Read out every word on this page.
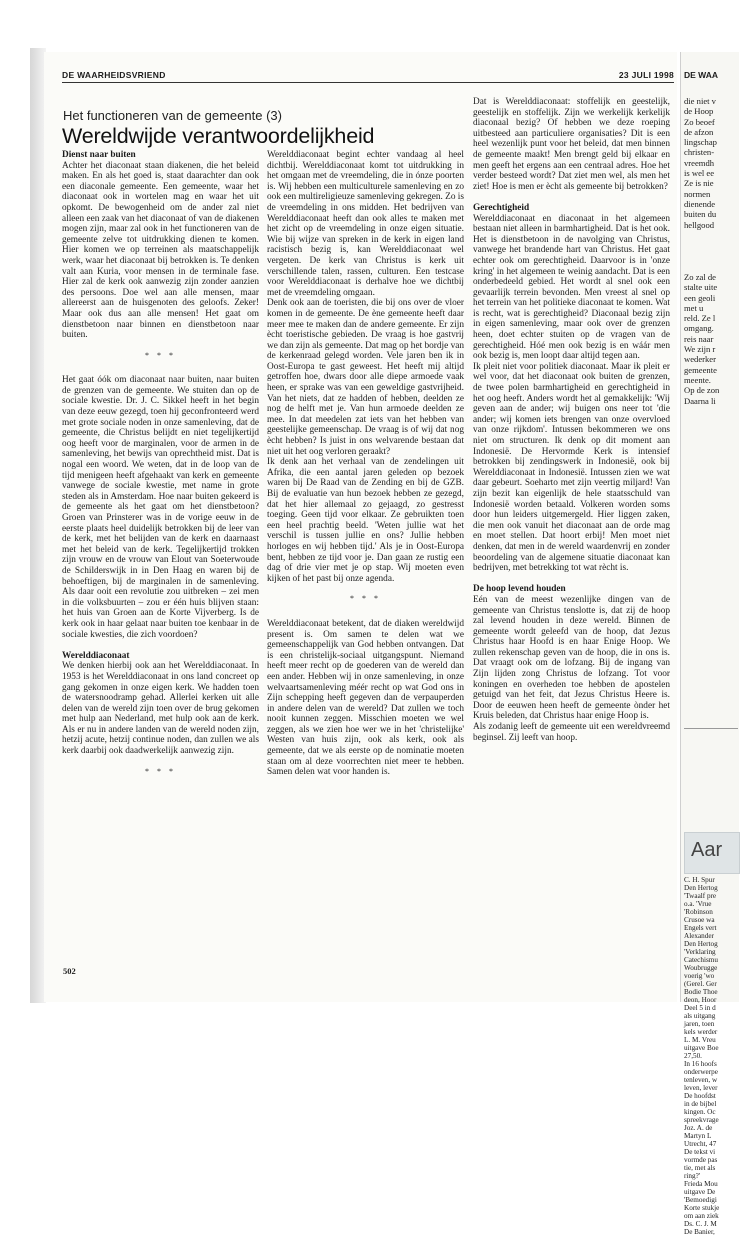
DE WAARHEIDSVRIEND	23 JULI 1998 DE WAA
Het functioneren van de gemeente (3)
Wereldwijde verantwoordelijkheid
Dienst naar buiten

Achter het diaconaat staan diakenen, die het beleid maken. En als het goed is, staat daarachter dan ook een diaconale gemeente. Een gemeente, waar het diaconaat ook in wortelen mag en waar het uit opkomt. De bewogenheid om de ander zal niet alleen een zaak van het diaconaat of van de diakenen mogen zijn, maar zal ook in het functioneren van de gemeente zelve tot uitdrukking dienen te komen. Hier komen we op terreinen als maatschappelijk werk, waar het diaconaat bij betrokken is. Te denken valt aan Kuria, voor mensen in de terminale fase. Hier zal de kerk ook aanwezig zijn zonder aanzien des persoons. Doe wel aan alle mensen, maar allereerst aan de huisgenoten des geloofs. Zeker! Maar ook dus aan alle mensen! Het gaat om dienstbetoon naar binnen en dienstbetoon naar buiten.

* * *

Het gaat óók om diaconaat naar buiten, naar buiten de grenzen van de gemeente. We stuiten dan op de sociale kwestie. Dr. J. C. Sikkel heeft in het begin van deze eeuw gezegd, toen hij geconfronteerd werd met grote sociale noden in onze samenleving, dat de gemeente, die Christus belijdt en niet tegelijkertijd oog heeft voor de marginalen, voor de armen in de samenleving, het bewijs van oprechtheid mist. Dat is nogal een woord. We weten, dat in de loop van de tijd menigeen heeft afgehaakt van kerk en gemeente vanwege de sociale kwestie, met name in grote steden als in Amsterdam. Hoe naar buiten gekeerd is de gemeente als het gaat om het dienstbetoon? Groen van Prinsterer was in de vorige eeuw in de eerste plaats heel duidelijk betrokken bij de leer van de kerk, met het belijden van de kerk en daarnaast met het beleid van de kerk. Tegelijkertijd trokken zijn vrouw en de vrouw van Elout van Soeterwoude de Schilderswijk in in Den Haag en waren bij de behoeftigen, bij de marginalen in de samenleving. Als daar ooit een revolutie zou uitbreken – zei men in die volksbuurten – zou er één huis blijven staan: het huis van Groen aan de Korte Vijverberg. Is de kerk ook in haar gelaat naar buiten toe kenbaar in de sociale kwesties, die zich voordoen?

Werelddiaconaat

We denken hierbij ook aan het Werelddiaconaat. In 1953 is het Werelddiaconaat in ons land concreet op gang gekomen in onze eigen kerk. We hadden toen de watersnoodramp gehad. Allerlei kerken uit alle delen van de wereld zijn toen over de brug gekomen met hulp aan Nederland, met hulp ook aan de kerk. Als er nu in andere landen van de wereld noden zijn, hetzij acute, hetzij continue noden, dan zullen we als kerk daarbij ook daadwerkelijk aanwezig zijn.

* * *

Werelddiaconaat begint echter vandaag al heel dichtbij. Werelddiaconaat komt tot uitdrukking in het omgaan met de vreemdeling, die in ónze poorten is. Wij hebben een multiculturele samenleving en zo ook een multireligieuze samenleving gekregen. Zo is de vreemdeling in ons midden. Het bedrijven van Werelddiaconaat heeft dan ook alles te maken met het zicht op de vreemdeling in onze eigen situatie. Wie bij wijze van spreken in de kerk in eigen land racistisch bezig is, kan Werelddiaconaat wel vergeten. De kerk van Christus is kerk uit verschillende talen, rassen, culturen. Een testcase voor Werelddiaconaat is derhalve hoe we dichtbij met de vreemdeling omgaan.

Denk ook aan de toeristen, die bij ons over de vloer komen in de gemeente. De ène gemeente heeft daar meer mee te maken dan de andere gemeente. Er zijn ècht toeristische gebieden. De vraag is hoe gastvrij we dan zijn als gemeente. Dat mag op het bordje van de kerkenraad gelegd worden. Vele jaren ben ik in Oost-Europa te gast geweest. Het heeft mij altijd getroffen hoe, dwars door alle diepe armoede vaak heen, er sprake was van een geweldige gastvrijheid. Van het niets, dat ze hadden of hebben, deelden ze nog de helft met je. Van hun armoede deelden ze mee. In dat meedelen zat iets van het hebben van geestelijke gemeenschap. De vraag is of wij dat nog ècht hebben? Is juist in ons welvarende bestaan dat niet uit het oog verloren geraakt?

Ik denk aan het verhaal van de zendelingen uit Afrika, die een aantal jaren geleden op bezoek waren bij De Raad van de Zending en bij de GZB. Bij de evaluatie van hun bezoek hebben ze gezegd, dat het hier allemaal zo gejaagd, zo gestresst toeging. Geen tijd voor elkaar. Ze gebruikten toen een heel prachtig beeld. 'Weten jullie wat het verschil is tussen jullie en ons? Jullie hebben horloges en wij hebben tijd.' Als je in Oost-Europa bent, hebben ze tijd voor je. Dan gaan ze rustig een dag of drie vier met je op stap. Wij moeten even kijken of het past bij onze agenda.

* * *

Werelddiaconaat betekent, dat de diaken wereldwijd present is. Om samen te delen wat we gemeenschappelijk van God hebben ontvangen. Dat is een christelijk-sociaal uitgangspunt. Niemand heeft meer recht op de goederen van de wereld dan een ander. Hebben wij in onze samenleving, in onze welvaartsamenleving méér recht op wat God ons in Zijn schepping heeft gegeven dan de verpauperden in andere delen van de wereld? Dat zullen we toch nooit kunnen zeggen. Misschien moeten we wel zeggen, als we zien hoe wer we in het 'christelijke' Westen van huis zijn, ook als kerk, ook als gemeente, dat we als eerste op de nominatie moeten staan om al deze voorrechten niet meer te hebben. Samen delen wat voor handen is.

Dat is Werelddiaconaat: stoffelijk en geestelijk, geestelijk en stoffelijk. Zijn we werkelijk kerkelijk diaconaal bezig? Of hebben we deze roeping uitbesteed aan particuliere organisaties? Dit is een heel wezenlijk punt voor het beleid, dat men binnen de gemeente maakt! Men brengt geld bij elkaar en men geeft het ergens aan een centraal adres. Hoe het verder besteed wordt? Dat ziet men wel, als men het ziet! Hoe is men er ècht als gemeente bij betrokken?

Gerechtigheid

Werelddiaconaat en diaconaat in het algemeen bestaan niet alleen in barmhartigheid. Dat is het ook. Het is dienstbetoon in de navolging van Christus, vanwege het brandende hart van Christus. Het gaat echter ook om gerechtigheid. Daarvoor is in 'onze kring' in het algemeen te weinig aandacht. Dat is een onderbedeeld gebied. Het wordt al snel ook een gevaarlijk terrein bevonden. Men vreest al snel op het terrein van het politieke diaconaat te komen. Wat is recht, wat is gerechtigheid? Diaconaal bezig zijn in eigen samenleving, maar ook over de grenzen heen, doet echter stuiten op de vragen van de gerechtigheid. Hóé men ook bezig is en wáár men ook bezig is, men loopt daar altijd tegen aan.

Ik pleit niet voor politiek diaconaat. Maar ik pleit er wel voor, dat het diaconaat ook buiten de grenzen, de twee polen barmhartigheid en gerechtigheid in het oog heeft. Anders wordt het al gemakkelijk: 'Wij geven aan de ander; wij buigen ons neer tot 'die ander; wij komen iets brengen van onze overvloed van onze rijkdom'. Intussen bekommeren we ons niet om structuren. Ik denk op dit moment aan Indonesië. De Hervormde Kerk is intensief betrokken bij zendingswerk in Indonesië, ook bij Werelddiaconaat in Indonesië. Intussen zien we wat daar gebeurt. Soeharto met zijn veertig miljard! Van zijn bezit kan eigenlijk de hele staatsschuld van Indonesië worden betaald. Volkeren worden soms door hun leiders uitgemergeld. Hier liggen zaken, die men ook vanuit het diaconaat aan de orde mag en moet stellen. Dat hoort erbij! Men moet niet denken, dat men in de wereld waardenvrij en zonder beoordeling van de algemene situatie diaconaat kan bedrijven, met betrekking tot wat rècht is.

De hoop levend houden

Eén van de meest wezenlijke dingen van de gemeente van Christus tenslotte is, dat zij de hoop zal levend houden in deze wereld. Binnen de gemeente wordt geleefd van de hoop, dat Jezus Christus haar Hoofd is en haar Enige Hoop. We zullen rekenschap geven van de hoop, die in ons is. Dat vraagt ook om de lofzang. Bij de ingang van Zijn lijden zong Christus de lofzang. Tot voor koningen en overheden toe hebben de apostelen getuigd van het feit, dat Jezus Christus Heere is. Door de eeuwen heen heeft de gemeente ònder het Kruis beleden, dat Christus haar enige Hoop is.

Als zodanig leeft de gemeente uit een wereldvreemd beginsel. Zij leeft van hoop.

502
die niet v
de Hoop
Zo beoef
de afzon
lingschap
christen-
vreemdh
is wel ee
Ze is nie
normen
dienende
buiten du
hellgood
Zo zal de
stalte uite
een geoli
met u
reld. Ze l
omgang.
reis naar
We zijn r
wederker
gemeente
meente.
Op de zon
Daarna li
Aar
C. H. Spur
Den Hertog
'Twaalf pre
o.a. 'Vrue
'Robinson
Crusoe wa
Engels vert
Alexander
Den Hertog
'Verklaring
Catechismu
Woubrugge
voerig 'wo
(Gerel. Ger
Bodie Thoe
deon, Hoor
Deel 5 in d
als uitgang
jaren, toen
kels werder
L. M. Vreu
uitgave Boe
27,50.
In 16 hoofs
onderwerpe
tenleven, w
leven, lever
De hoofdst
in de bijbel
kingen. Oc
spreekvrage
Joz. A. de
Martyn L
Utrecht, 47
De tekst vi
vormde pas
tie, met als
ring?'
Frieda Mou
uitgave De
'Bemoedigi
Korte stukje
om aan ziek
Ds. C. J. M
De Banier,
